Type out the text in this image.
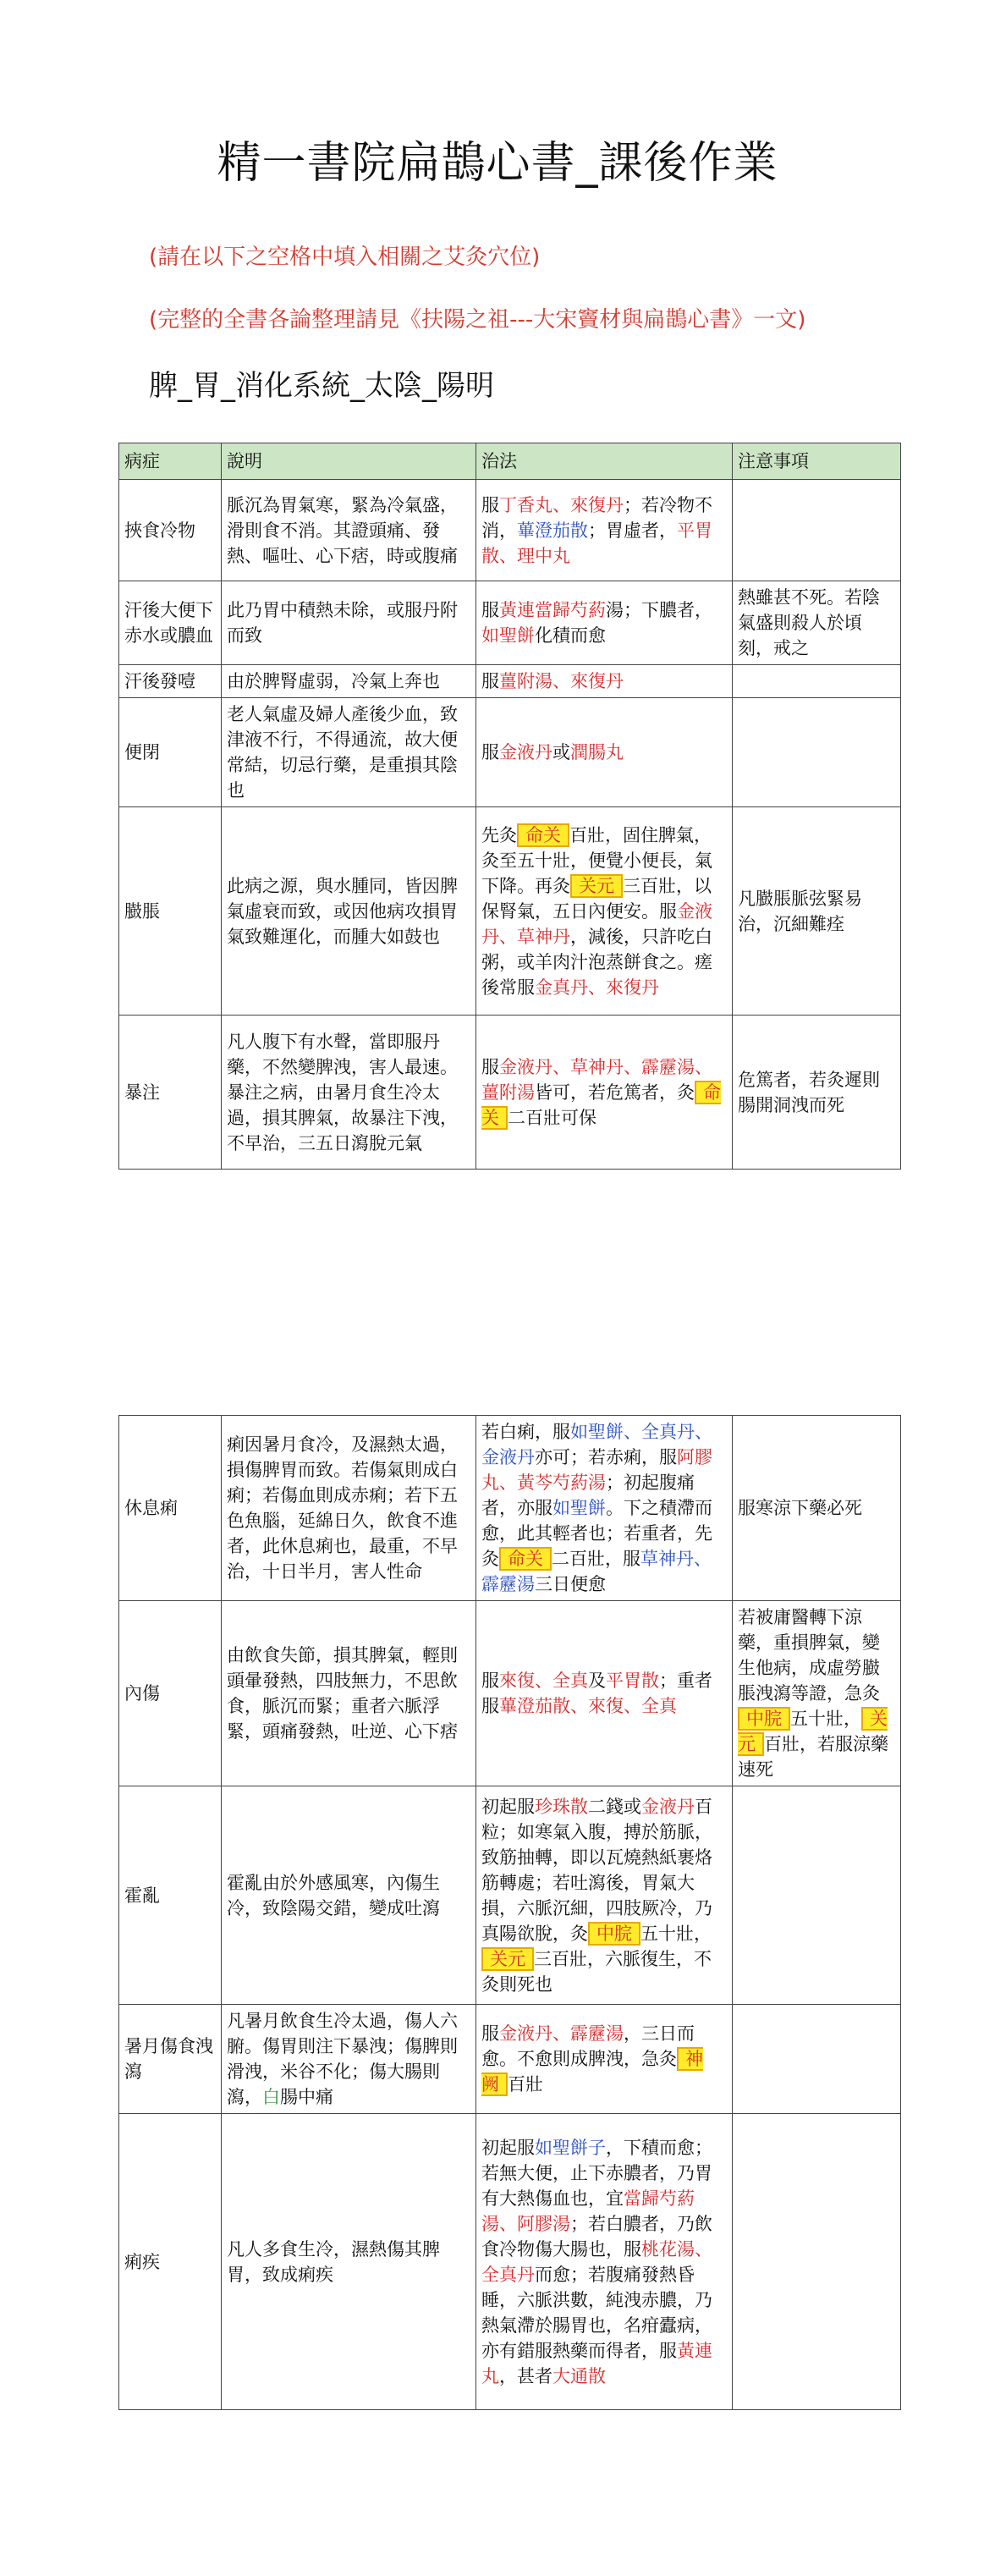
精一書院扁鵲心書_課後作業
(請在以下之空格中填入相關之艾灸穴位)
(完整的全書各論整理請見《扶陽之祖---大宋竇材與扁鵲心書》一文)
脾_胃_消化系統_太陰_陽明
病症	說明	治法	注意事項
挾食冷物	脈沉為胃氣寒，緊為冷氣盛，滑則食不消。其證頭痛、發熱、嘔吐、心下痞，時或腹痛	服丁香丸、來復丹；若冷物不消，蓽澄茄散；胃虛者，平胃散、理中丸	
汗後大便下赤水或膿血	此乃胃中積熱未除，或服丹附而致	服黃連當歸芍葯湯；下膿者，如聖餅化積而愈	熱雖甚不死。若陰氣盛則殺人於頃刻，戒之
汗後發噎	由於脾腎虛弱，冷氣上奔也	服薑附湯、來復丹	
便閉	老人氣虛及婦人產後少血，致津液不行，不得通流，故大便常結，切忌行藥，是重損其陰也	服金液丹或潤腸丸	
臌脹	此病之源，與水腫同，皆因脾氣虛衰而致，或因他病攻損胃氣致難運化，而腫大如鼓也	先灸 命关 百壯，固住脾氣，灸至五十壯，便覺小便長，氣下降。再灸 关元 三百壯，以保腎氣，五日內便安。服金液丹、草神丹，減後，只許吃白粥，或羊肉汁泡蒸餅食之。瘥後常服金真丹、來復丹	凡臌脹脈弦緊易治，沉細難痊
暴注	凡人腹下有水聲，當即服丹藥，不然變脾洩，害人最速。暴注之病，由暑月食生冷太過，損其脾氣，故暴注下洩，不早治，三五日瀉脫元氣	服金液丹、草神丹、霹靂湯、薑附湯皆可，若危篤者，灸 命关 二百壯可保	危篤者，若灸遲則腸開洞洩而死
休息痢	痢因暑月食冷，及濕熱太過，損傷脾胃而致。若傷氣則成白痢；若傷血則成赤痢；若下五色魚腦，延綿日久，飲食不進者，此休息痢也，最重，不早治，十日半月，害人性命	若白痢，服如聖餅、全真丹、金液丹亦可；若赤痢，服阿膠丸、黃芩芍葯湯；初起腹痛者，亦服如聖餅。下之積滯而愈，此其輕者也；若重者，先灸 命关 二百壯，服草神丹、霹靂湯三日便愈	服寒涼下藥必死
內傷	由飲食失節，損其脾氣，輕則頭暈發熱，四肢無力，不思飲食，脈沉而緊；重者六脈浮緊，頭痛發熱，吐逆、心下痞	服來復、全真及平胃散；重者服蓽澄茄散、來復、全真	若被庸醫轉下涼藥，重損脾氣，變生他病，成虛勞臌脹洩瀉等證，急灸中脘 五十壯， 关元 百壯，若服涼藥速死
霍亂	霍亂由於外感風寒，內傷生冷，致陰陽交錯，變成吐瀉	初起服珍珠散二錢或金液丹百粒；如寒氣入腹，搏於筋脈，致筋抽轉，即以瓦燒熱紙裹烙筋轉處；若吐瀉後，胃氣大損，六脈沉細，四肢厥冷，乃真陽欲脫，灸 中脘 五十壯，关元 三百壯，六脈復生，不灸則死也	
暑月傷食洩瀉	凡暑月飲食生冷太過，傷人六腑。傷胃則注下暴洩；傷脾則滑洩，米谷不化；傷大腸則瀉，白腸中痛	服金液丹、霹靂湯，三日而愈。不愈則成脾洩，急灸 神阙 百壯	
痢疾	凡人多食生冷，濕熱傷其脾胃，致成痢疾	初起服如聖餅子，下積而愈；若無大便，止下赤膿者，乃胃有大熱傷血也，宜當歸芍葯湯、阿膠湯；若白膿者，乃飲食冷物傷大腸也，服桃花湯、全真丹而愈；若腹痛發熱昏睡，六脈洪數，純洩赤膿，乃熱氣滯於腸胃也，名疳蠹病，亦有錯服熱藥而得者，服黃連丸，甚者大通散	
